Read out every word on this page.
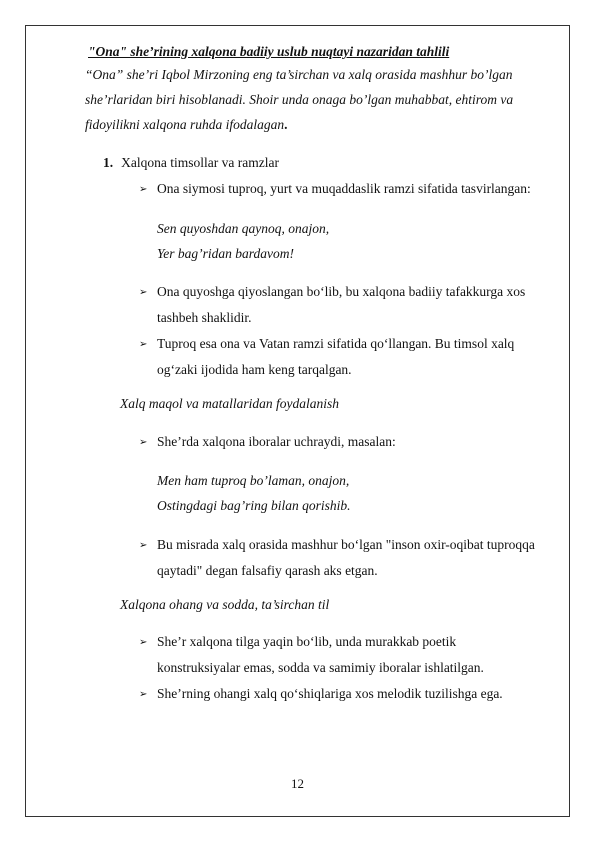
"Ona" she’rining xalqona badiiy uslub nuqtayi nazaridan tahlili
“Ona” she’ri Iqbol Mirzoning eng ta’sirchan va xalq orasida mashhur bo’lgan
she’rlaridan biri hisoblanadi. Shoir unda onaga bo’lgan muhabbat, ehtirom va
fidoyilikni xalqona ruhda ifodalagan.
1. Xalqona timsollar va ramzlar
➢ Ona siymosi tuproq, yurt va muqaddaslik ramzi sifatida tasvirlangan:
Sen quyoshdan qaynoq, onajon,
Yer bag’ridan bardavom!
➢ Ona quyoshga qiyoslangan bo‘lib, bu xalqona badiiy tafakkurga xos
tashbeh shaklidir.
➢ Tuproq esa ona va Vatan ramzi sifatida qo‘llangan. Bu timsol xalq
og‘zaki ijodida ham keng tarqalgan.
Xalq maqol va matallaridan foydalanish
➢ She’rda xalqona iboralar uchraydi, masalan:
Men ham tuproq bo’laman, onajon,
Ostingdagi bag’ring bilan qorishib.
➢ Bu misrada xalq orasida mashhur bo‘lgan "inson oxir-oqibat tuproqqa
qaytadi" degan falsafiy qarash aks etgan.
Xalqona ohang va sodda, ta’sirchan til
➢ She’r xalqona tilga yaqin bo‘lib, unda murakkab poetik
konstruksiyalar emas, sodda va samimiy iboralar ishlatilgan.
➢ She’rning ohangi xalq qo‘shiqlariga xos melodik tuzilishga ega.
12
